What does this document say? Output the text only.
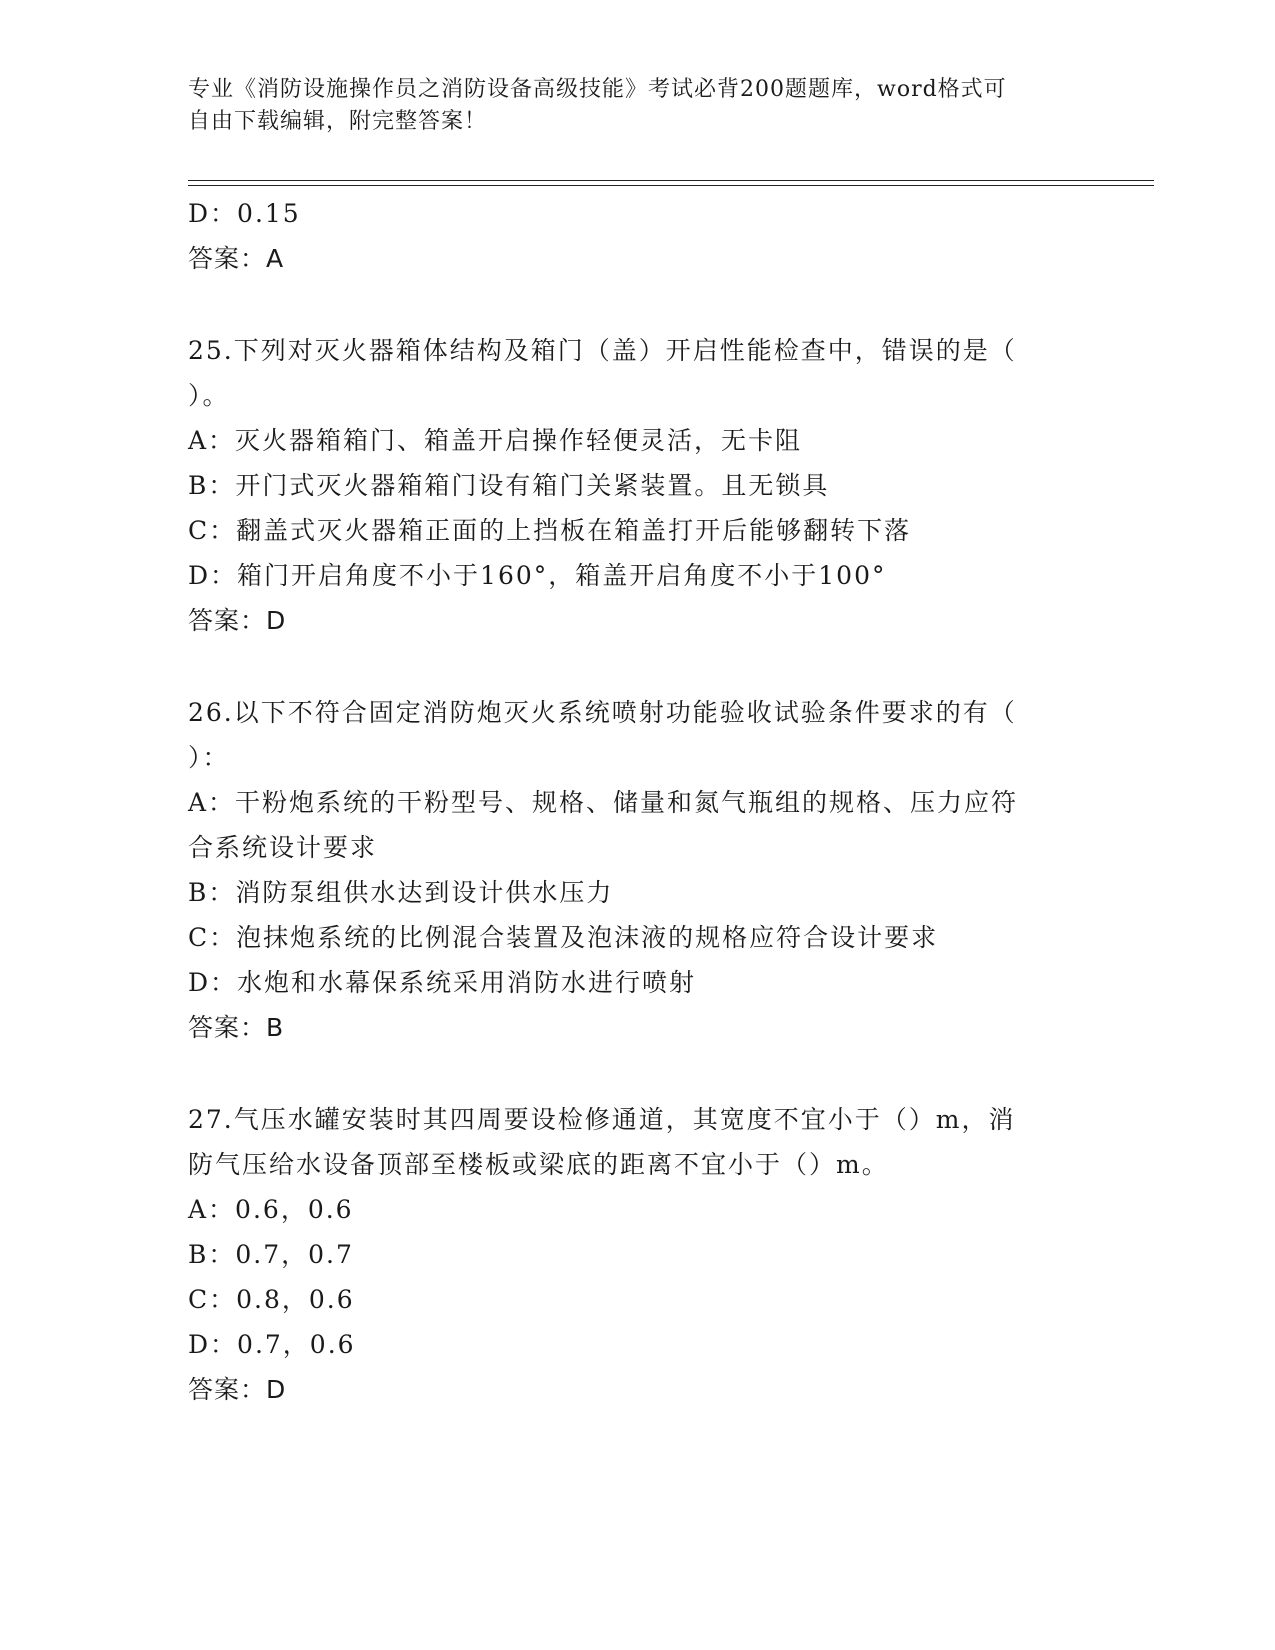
专业《消防设施操作员之消防设备高级技能》考试必背200题题库，word格式可
自由下载编辑，附完整答案！
D：0.15
答案：A
25.下列对灭火器箱体结构及箱门（盖）开启性能检查中，错误的是（
）。
A：灭火器箱箱门、箱盖开启操作轻便灵活，无卡阻
B：开门式灭火器箱箱门设有箱门关紧装置。且无锁具
C：翻盖式灭火器箱正面的上挡板在箱盖打开后能够翻转下落
D：箱门开启角度不小于160°，箱盖开启角度不小于100°
答案：D
26.以下不符合固定消防炮灭火系统喷射功能验收试验条件要求的有（
）：
A：干粉炮系统的干粉型号、规格、储量和氮气瓶组的规格、压力应符
合系统设计要求
B：消防泵组供水达到设计供水压力
C：泡抹炮系统的比例混合装置及泡沫液的规格应符合设计要求
D：水炮和水幕保系统采用消防水进行喷射
答案：B
27.气压水罐安装时其四周要设检修通道，其宽度不宜小于（）m，消
防气压给水设备顶部至楼板或梁底的距离不宜小于（）m。
A：0.6，0.6
B：0.7，0.7
C：0.8，0.6
D：0.7，0.6
答案：D
